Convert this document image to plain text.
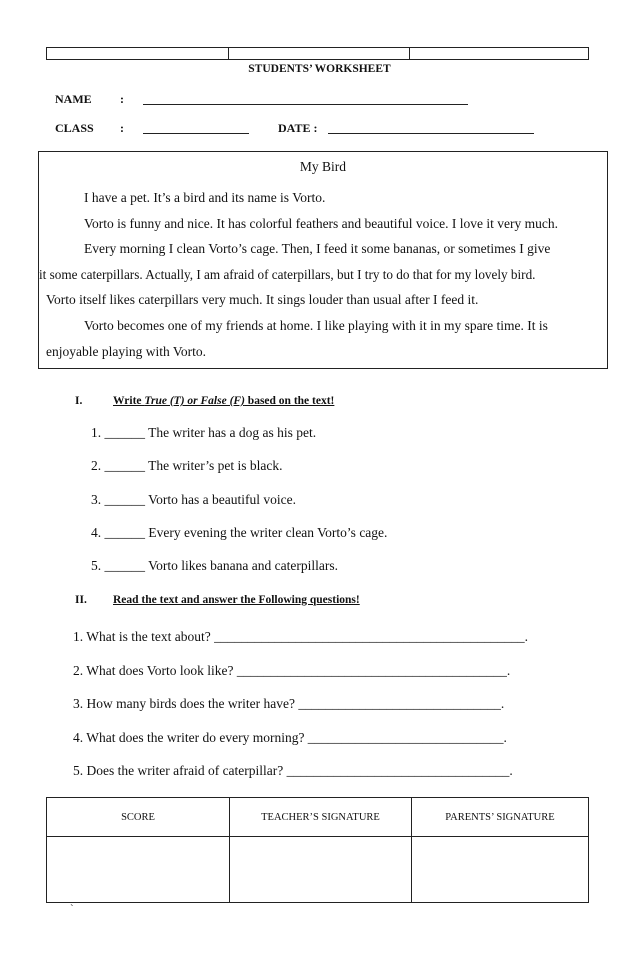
STUDENTS’ WORKSHEET
NAME :
CLASS :	DATE :
My Bird
I have a pet. It’s a bird and its name is Vorto.
Vorto is funny and nice. It has colorful feathers and beautiful voice. I love it very much.
Every morning I clean Vorto’s cage. Then, I feed it some bananas, or sometimes I give
it some caterpillars. Actually, I am afraid of caterpillars, but I try to do that for my lovely bird.
Vorto itself likes caterpillars very much. It sings louder than usual after I feed it.
Vorto becomes one of my friends at home. I like playing with it in my spare time. It is
enjoyable playing with Vorto.
I.	Write True (T) or False (F) based on the text!
1. ______ The writer has a dog as his pet.
2. ______ The writer’s pet is black.
3. ______ Vorto has a beautiful voice.
4. ______ Every evening the writer clean Vorto’s cage.
5. ______ Vorto likes banana and caterpillars.
II. Read the text and answer the Following questions!
1. What is the text about? ______________________________________________.
2. What does Vorto look like? ________________________________________.
3. How many birds does the writer have? ______________________________.
4. What does the writer do every morning? _____________________________.
5. Does the writer afraid of caterpillar? _________________________________.
SCORE	TEACHER’S SIGNATURE	PARENTS’ SIGNATURE

`
